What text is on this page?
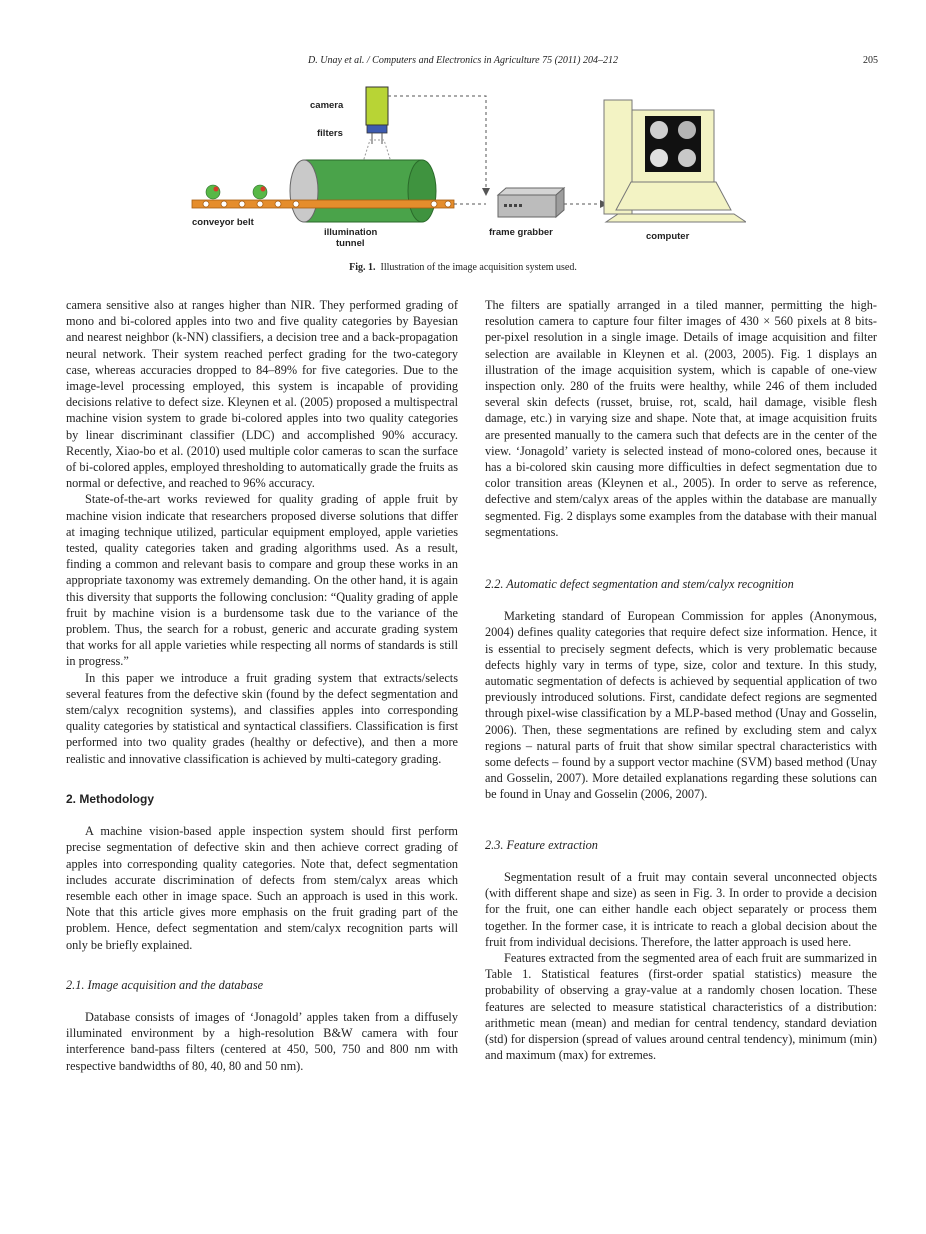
D. Unay et al. / Computers and Electronics in Agriculture 75 (2011) 204–212	205
camera
filters
conveyor belt
illumination
tunnel
frame grabber	computer
Fig. 1. Illustration of the image acquisition system used.

camera sensitive also at ranges higher than NIR. They performed grading of mono and bi-colored apples into two and five quality categories by Bayesian and nearest neighbor (k-NN) classifiers, a decision tree and a back-propagation neural network. Their system reached perfect grading for the two-category case, whereas accuracies dropped to 84–89% for five categories. Due to the image-level processing employed, this system is incapable of providing decisions relative to defect size. Kleynen et al. (2005) proposed a multispectral machine vision system to grade bi-colored apples into two quality categories by linear discriminant classifier (LDC) and accomplished 90% accuracy. Recently, Xiao-bo et al. (2010) used multiple color cameras to scan the surface of bi-colored apples, employed thresholding to automatically grade the fruits as normal or defective, and reached to 96% accuracy.

State-of-the-art works reviewed for quality grading of apple fruit by machine vision indicate that researchers proposed diverse solutions that differ at imaging technique utilized, particular equipment employed, apple varieties tested, quality categories taken and grading algorithms used. As a result, finding a common and relevant basis to compare and group these works in an appropriate taxonomy was extremely demanding. On the other hand, it is again this diversity that supports the following conclusion: “Quality grading of apple fruit by machine vision is a burdensome task due to the variance of the problem. Thus, the search for a robust, generic and accurate grading system that works for all apple varieties while respecting all norms of standards is still in progress.”

In this paper we introduce a fruit grading system that extracts/selects several features from the defective skin (found by the defect segmentation and stem/calyx recognition systems), and classifies apples into corresponding quality categories by statistical and syntactical classifiers. Classification is first performed into two quality grades (healthy or defective), and then a more realistic and innovative classification is achieved by multi-category grading.

2. Methodology

A machine vision-based apple inspection system should first perform precise segmentation of defective skin and then achieve correct grading of apples into corresponding quality categories. Note that, defect segmentation includes accurate discrimination of defects from stem/calyx areas which resemble each other in image space. Such an approach is used in this work. Note that this article gives more emphasis on the fruit grading part of the problem. Hence, defect segmentation and stem/calyx recognition parts will only be briefly explained.

2.1. Image acquisition and the database

Database consists of images of ‘Jonagold’ apples taken from a diffusely illuminated environment by a high-resolution B&W camera with four interference band-pass filters (centered at 450, 500, 750 and 800 nm with respective bandwidths of 80, 40, 80 and 50 nm).

The filters are spatially arranged in a tiled manner, permitting the high-resolution camera to capture four filter images of 430 × 560 pixels at 8 bits-per-pixel resolution in a single image. Details of image acquisition and filter selection are available in Kleynen et al. (2003, 2005). Fig. 1 displays an illustration of the image acquisition system, which is capable of one-view inspection only. 280 of the fruits were healthy, while 246 of them included several skin defects (russet, bruise, rot, scald, hail damage, visible flesh damage, etc.) in varying size and shape. Note that, at image acquisition fruits are presented manually to the camera such that defects are in the center of the view. ‘Jonagold’ variety is selected instead of mono-colored ones, because it has a bi-colored skin causing more difficulties in defect segmentation due to color transition areas (Kleynen et al., 2005). In order to serve as reference, defective and stem/calyx areas of the apples within the database are manually segmented. Fig. 2 displays some examples from the database with their manual segmentations.

2.2. Automatic defect segmentation and stem/calyx recognition

Marketing standard of European Commission for apples (Anonymous, 2004) defines quality categories that require defect size information. Hence, it is essential to precisely segment defects, which is very problematic because defects highly vary in terms of type, size, color and texture. In this study, automatic segmentation of defects is achieved by sequential application of two previously introduced solutions. First, candidate defect regions are segmented through pixel-wise classification by a MLP-based method (Unay and Gosselin, 2006). Then, these segmentations are refined by excluding stem and calyx regions – natural parts of fruit that show similar spectral characteristics with some defects – found by a support vector machine (SVM) based method (Unay and Gosselin, 2007). More detailed explanations regarding these solutions can be found in Unay and Gosselin (2006, 2007).

2.3. Feature extraction

Segmentation result of a fruit may contain several unconnected objects (with different shape and size) as seen in Fig. 3. In order to provide a decision for the fruit, one can either handle each object separately or process them together. In the former case, it is intricate to reach a global decision about the fruit from individual decisions. Therefore, the latter approach is used here.

Features extracted from the segmented area of each fruit are summarized in Table 1. Statistical features (first-order spatial statistics) measure the probability of observing a gray-value at a randomly chosen location. These features are selected to measure statistical characteristics of a distribution: arithmetic mean (mean) and median for central tendency, standard deviation (std) for dispersion (spread of values around central tendency), minimum (min) and maximum (max) for extremes.
